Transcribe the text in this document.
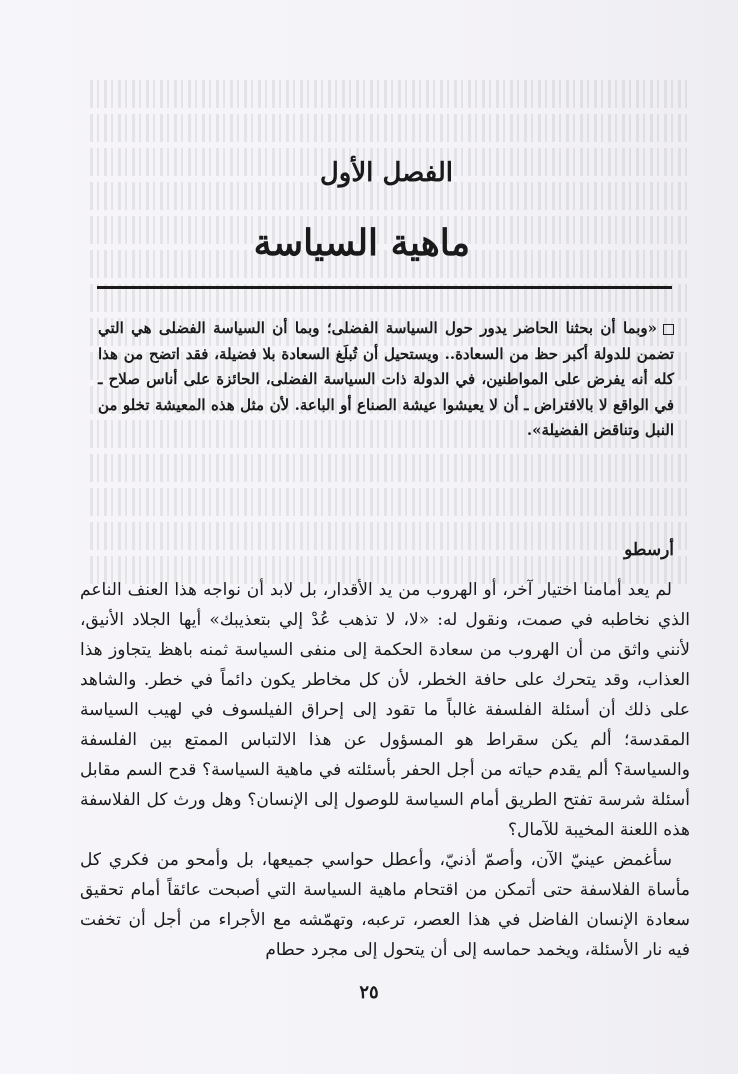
الفصل الأول
ماهية السياسة
«وبما أن بحثنا الحاضر يدور حول السياسة الفضلى؛ وبما أن السياسة الفضلى هي التي تضمن للدولة أكبر حظ من السعادة.. ويستحيل أن تُبلَغ السعادة بلا فضيلة، فقد اتضح من هذا كله أنه يفرض على المواطنين، في الدولة ذات السياسة الفضلى، الحائزة على أناس صلاح ـ في الواقع لا بالافتراض ـ أن لا يعيشوا عيشة الصناع أو الباعة. لأن مثل هذه المعيشة تخلو من النبل وتناقض الفضيلة».
أرسطو

لم يعد أمامنا اختيار آخر، أو الهروب من يد الأقدار، بل لابد أن نواجه هذا العنف الناعم الذي نخاطبه في صمت، ونقول له: «لا، لا تذهب عُدْ إلي بتعذيبك» أيها الجلاد الأنيق، لأنني واثق من أن الهروب من سعادة الحكمة إلى منفى السياسة ثمنه باهظ يتجاوز هذا العذاب، وقد يتحرك على حافة الخطر، لأن كل مخاطر يكون دائماً في خطر. والشاهد على ذلك أن أسئلة الفلسفة غالباً ما تقود إلى إحراق الفيلسوف في لهيب السياسة المقدسة؛ ألم يكن سقراط هو المسؤول عن هذا الالتباس الممتع بين الفلسفة والسياسة؟ ألم يقدم حياته من أجل الحفر بأسئلته في ماهية السياسة؟ قدح السم مقابل أسئلة شرسة تفتح الطريق أمام السياسة للوصول إلى الإنسان؟ وهل ورث كل الفلاسفة هذه اللعنة المخيبة للآمال؟

سأغمض عينيّ الآن، وأصمّ أذنيّ، وأعطل حواسي جميعها، بل وأمحو من فكري كل مأساة الفلاسفة حتى أتمكن من اقتحام ماهية السياسة التي أصبحت عائقاً أمام تحقيق سعادة الإنسان الفاضل في هذا العصر، ترعبه، وتهمّشه مع الأجراء من أجل أن تخفت فيه نار الأسئلة، ويخمد حماسه إلى أن يتحول إلى مجرد حطام

٢٥
